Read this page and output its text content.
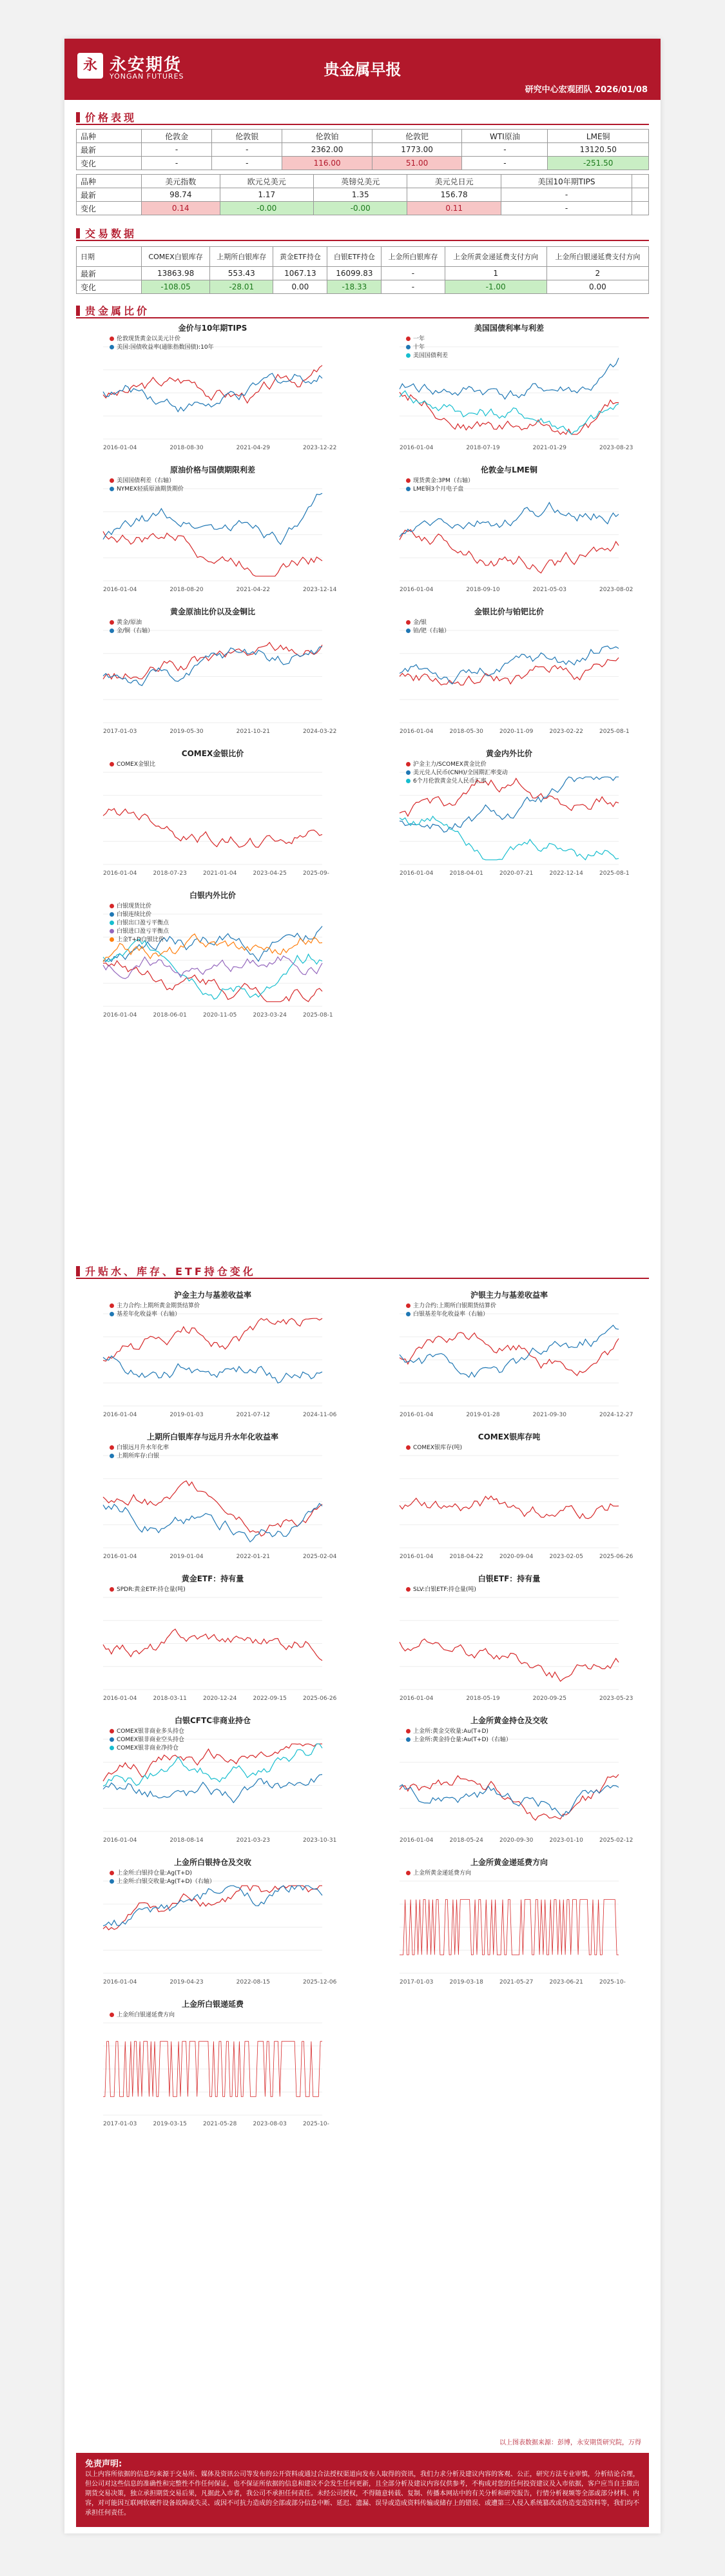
永 永安期货
YONGAN FUTURES	贵金属早报
研究中心宏观团队 2026/01/08
价格表现
品种	伦敦金	伦敦银	伦敦铂	伦敦钯	WTI原油	LME铜
最新	-	-	2362.00	1773.00	-	13120.50
变化	-	-	116.00	51.00	-	-251.50
品种	美元指数	欧元兑美元	英镑兑美元	美元兑日元	美国10年期TIPS	
最新	98.74	1.17	1.35	156.78	-	
变化	0.14	-0.00	-0.00	0.11	-	
交易数据
日期	COMEX白银库存	上期所白银库存	黄金ETF持仓	白银ETF持仓	上金所白银库存	上金所黄金递延费支付方向	上金所白银递延费支付方向
最新	13863.98	553.43	1067.13	16099.83	-	1	2
变化	-108.05	-28.01	0.00	-18.33	-	-1.00	0.00
贵金属比价
金价与10年期TIPS
2016-01-04	2018-08-30	2021-04-29	2023-12-22
伦敦现货黄金以美元计价
美国:国债收益率(通胀指数国债):10年
美国国债利率与利差
2016-01-04	2018-07-19	2021-01-29	2023-08-23
一年
十年
美国国债利差
原油价格与国债期限利差
2016-01-04	2018-08-20	2021-04-22	2023-12-14
美国国债利差（右轴）
NYMEX轻质原油期货期价
伦敦金与LME铜
2016-01-04	2018-09-10	2021-05-03	2023-08-02
现货黄金:3PM（右轴）
LME铜3个月电子盘
黄金原油比价以及金铜比
2017-01-03	2019-05-30	2021-10-21	2024-03-22
黄金/原油
金/铜（右轴）
金银比价与铂钯比价
2016-01-04	2018-05-30	2020-11-09	2023-02-22	2025-08-1
金/银
铂/钯（右轴）
COMEX金银比价
2016-01-04	2018-07-23	2021-01-04	2023-04-25	2025-09-
COMEX金银比
黄金内外比价
2016-01-04	2018-04-01	2020-07-21	2022-12-14	2025-08-1
沪金主力/SCOMEX黄金比价
美元兑人民币(CNH)/全国期汇率变动
6个月伦敦黄金兑人民币汇率
白银内外比价
2016-01-04	2018-06-01	2020-11-05	2023-03-24	2025-08-1
白银现货比价
白银连续比价
白银出口盈亏平衡点
白银进口盈亏平衡点
上金T+D白银比价
沪金主力与基差收益率
2016-01-04	2019-01-03	2021-07-12	2024-11-06
主力合约:上期所黄金期货结算价
基差年化收益率（右轴）
沪银主力与基差收益率
2016-01-04	2019-01-28	2021-09-30	2024-12-27
主力合约:上期所白银期货结算价
白银基差年化收益率（右轴）
上期所白银库存与远月升水年化收益率
2016-01-04	2019-01-04	2022-01-21	2025-02-04
白银远月升水年化率
上期所库存:白银
COMEX银库存吨
2016-01-04	2018-04-22	2020-09-04	2023-02-05	2025-06-26
COMEX银库存(吨)
黄金ETF：持有量
2016-01-04	2018-03-11	2020-12-24	2022-09-15	2025-06-26
SPDR:黄金ETF:持仓量(吨)
白银ETF：持有量
2016-01-04	2018-05-19	2020-09-25	2023-05-23
SLV:白银ETF:持仓量(吨)
白银CFTC非商业持仓
2016-01-04	2018-08-14	2021-03-23	2023-10-31
COMEX银非商业多头持仓
COMEX银非商业空头持仓
COMEX银非商业净持仓
上金所黄金持仓及交收
2016-01-04	2018-05-24	2020-09-30	2023-01-10	2025-02-12
上金所:黄金交收量:Au(T+D)
上金所:黄金持仓量:Au(T+D)（右轴）
上金所白银持仓及交收
2016-01-04	2019-04-23	2022-08-15	2025-12-06
上金所:白银持仓量:Ag(T+D)
上金所:白银交收量:Ag(T+D)（右轴）
上金所黄金递延费方向
2017-01-03	2019-03-18	2021-05-27	2023-06-21	2025-10-
上金所黄金递延费方向
上金所白银递延费
2017-01-03	2019-03-15	2021-05-28	2023-08-03	2025-10-
上金所白银递延费方向
升贴水、库存、ETF持仓变化
以上图表数据来源：彭博，永安期货研究院，万得
免责声明:
以上内容所依据的信息均来源于交易所、媒体及资讯公司等发布的公开资料或通过合法授权渠道向发布人取得的资讯，我们力求分析及建议内容的客观、公正，研究方法专业审慎，分析结论合理，但公司对这些信息的准确性和完整性不作任何保证，也不保证所依据的信息和建议不会发生任何更新，且全部分析及建议内容仅供参考，不构成对您的任何投资建议及入市依据，客户应当自主做出期货交易决策，独立承担期货交易后果，凡据此入市者，我公司不承担任何责任。未经公司授权，不得随意转载、复制、传播本网站中的有关分析和研究报告，行情分析视频等全部或部分材料、内容，对可能因互联网软硬件设备故障或失灵、或因不可抗力造成的全部或部分信息中断、延迟、遗漏、误导或造成资料传输或储存上的错误、或遭第三人侵入系统篡改或伪造变造资料等，我们均不承担任何责任。
